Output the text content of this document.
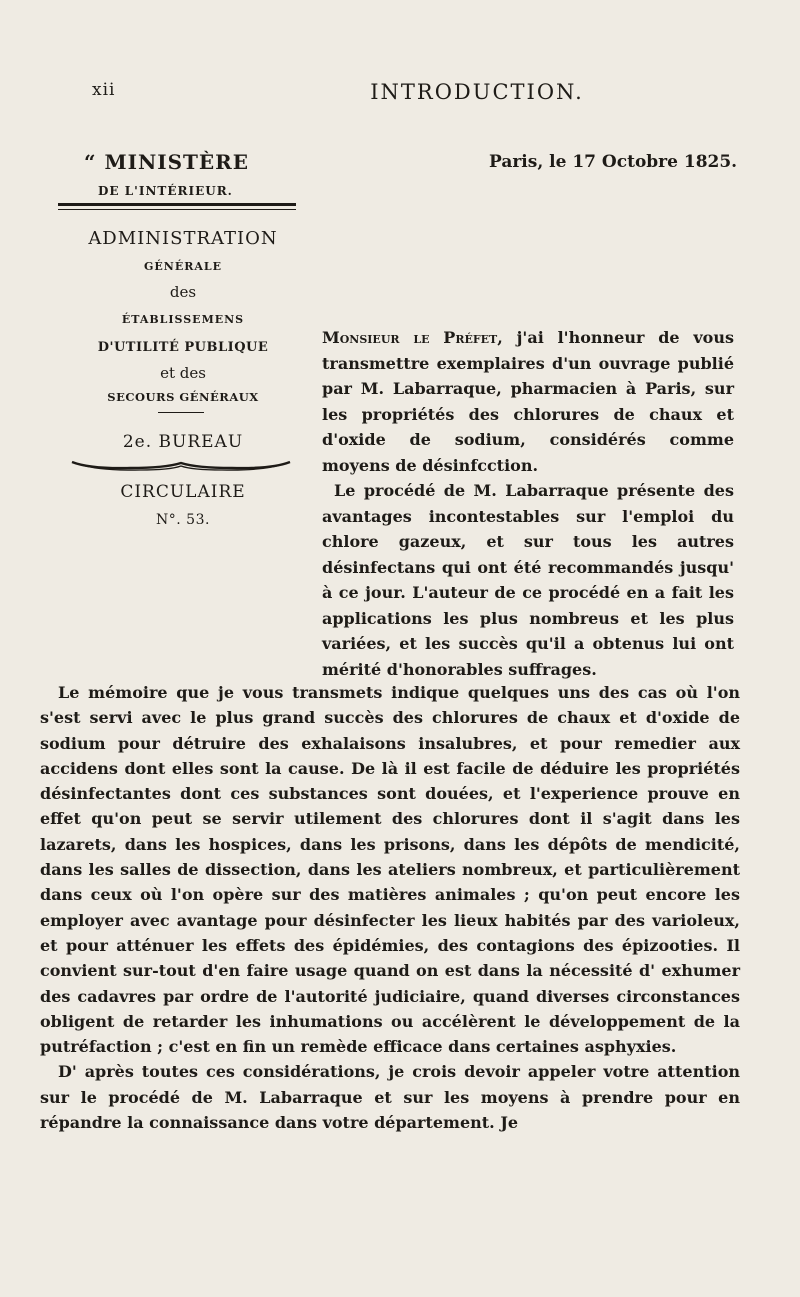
xii	INTRODUCTION.
“ MINISTÈRE
DE L'INTÉRIEUR.
ADMINISTRATION
GÉNÉRALE
des
ÉTABLISSEMENS
D'UTILITÉ PUBLIQUE
et des
SECOURS GÉNÉRAUX
2e. BUREAU
CIRCULAIRE
N°. 53.
Paris, le 17 Octobre 1825.

Monsieur le Préfet, j'ai l'honneur de vous transmettre exemplaires d'un ouvrage publié par M. Labarraque, pharmacien à Paris, sur les propriétés des chlorures de chaux et d'oxide de sodium, considérés comme moyens de désinfcction.

Le procédé de M. Labarraque présente des avantages incontestables sur l'emploi du chlore gazeux, et sur tous les autres désinfectans qui ont été recommandés jusqu' à ce jour. L'auteur de ce procédé en a fait les applications les plus nombreus et les plus variées, et les succès qu'il a obtenus lui ont mérité d'honorables suffrages.

Le mémoire que je vous transmets indique quelques uns des cas où l'on s'est servi avec le plus grand succès des chlorures de chaux et d'oxide de sodium pour détruire des exhalaisons insalubres, et pour remedier aux accidens dont elles sont la cause. De là il est facile de déduire les propriétés désinfectantes dont ces substances sont douées, et l'experience prouve en effet qu'on peut se servir utilement des chlorures dont il s'agit dans les lazarets, dans les hospices, dans les prisons, dans les dépôts de mendicité, dans les salles de dissection, dans les ateliers nombreux, et particulièrement dans ceux où l'on opère sur des matières animales ; qu'on peut encore les employer avec avantage pour désinfecter les lieux habités par des varioleux, et pour atténuer les effets des épidémies, des contagions des épizooties. Il convient sur-tout d'en faire usage quand on est dans la nécessité d' exhumer des cadavres par ordre de l'autorité judiciaire, quand diverses circonstances obligent de retarder les inhumations ou accélèrent le développement de la putréfaction ; c'est en fin un remède efficace dans certaines asphyxies.

D' après toutes ces considérations, je crois devoir appeler votre attention sur le procédé de M. Labarraque et sur les moyens à prendre pour en répandre la connaissance dans votre département. Je
